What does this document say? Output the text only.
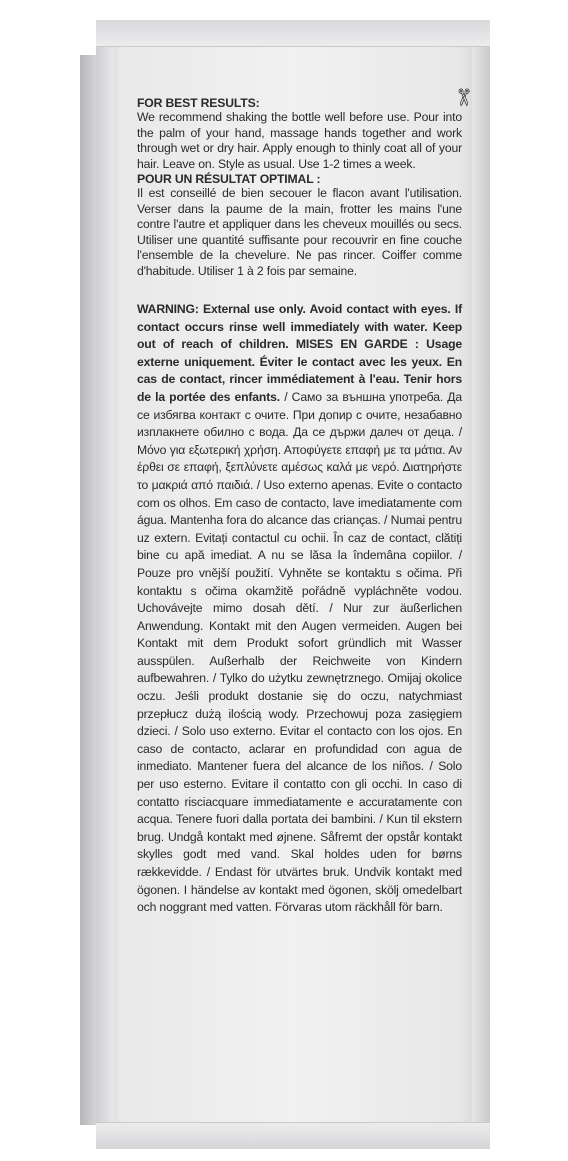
✄
FOR BEST RESULTS:
We recommend shaking the bottle well before use. Pour into the palm of your hand, massage hands together and work through wet or dry hair. Apply enough to thinly coat all of your hair. Leave on. Style as usual. Use 1-2 times a week.
POUR UN RÉSULTAT OPTIMAL :
Il est conseillé de bien secouer le flacon avant l'utilisation. Verser dans la paume de la main, frotter les mains l'une contre l'autre et appliquer dans les cheveux mouillés ou secs. Utiliser une quantité suffisante pour recouvrir en fine couche l'ensemble de la chevelure. Ne pas rincer. Coiffer comme d'habitude. Utiliser 1 à 2 fois par semaine.
WARNING: External use only. Avoid contact with eyes. If contact occurs rinse well immediately with water. Keep out of reach of children. MISES EN GARDE : Usage externe uniquement. Éviter le contact avec les yeux. En cas de contact, rincer immédiatement à l'eau. Tenir hors de la portée des enfants. / Само за външна употреба. Да се избягва контакт с очите. При допир с очите, незабавно изплакнете обилно с вода. Да се държи далеч от деца. / Μόνο για εξωτερική χρήση. Αποφύγετε επαφή με τα μάτια. Αν έρθει σε επαφή, ξεπλύνετε αμέσως καλά με νερό. Διατηρήστε το μακριά από παιδιά. / Uso externo apenas. Evite o contacto com os olhos. Em caso de contacto, lave imediatamente com água. Mantenha fora do alcance das crianças. / Numai pentru uz extern. Evitați contactul cu ochii. În caz de contact, clătiți bine cu apă imediat. A nu se lăsa la îndemâna copiilor. / Pouze pro vnější použití. Vyhněte se kontaktu s očima. Při kontaktu s očima okamžitě pořádně vypláchněte vodou. Uchovávejte mimo dosah dětí. / Nur zur äußerlichen Anwendung. Kontakt mit den Augen vermeiden. Augen bei Kontakt mit dem Produkt sofort gründlich mit Wasser ausspülen. Außerhalb der Reichweite von Kindern aufbewahren. / Tylko do użytku zewnętrznego. Omijaj okolice oczu. Jeśli produkt dostanie się do oczu, natychmiast przepłucz dużą ilością wody. Przechowuj poza zasięgiem dzieci. / Solo uso externo. Evitar el contacto con los ojos. En caso de contacto, aclarar en profundidad con agua de inmediato. Mantener fuera del alcance de los niños. / Solo per uso esterno. Evitare il contatto con gli occhi. In caso di contatto risciacquare immediatamente e accuratamente con acqua. Tenere fuori dalla portata dei bambini. / Kun til ekstern brug. Undgå kontakt med øjnene. Såfremt der opstår kontakt skylles godt med vand. Skal holdes uden for børns rækkevidde. / Endast för utvärtes bruk. Undvik kontakt med ögonen. I händelse av kontakt med ögonen, skölj omedelbart och noggrant med vatten. Förvaras utom räckhåll för barn.
